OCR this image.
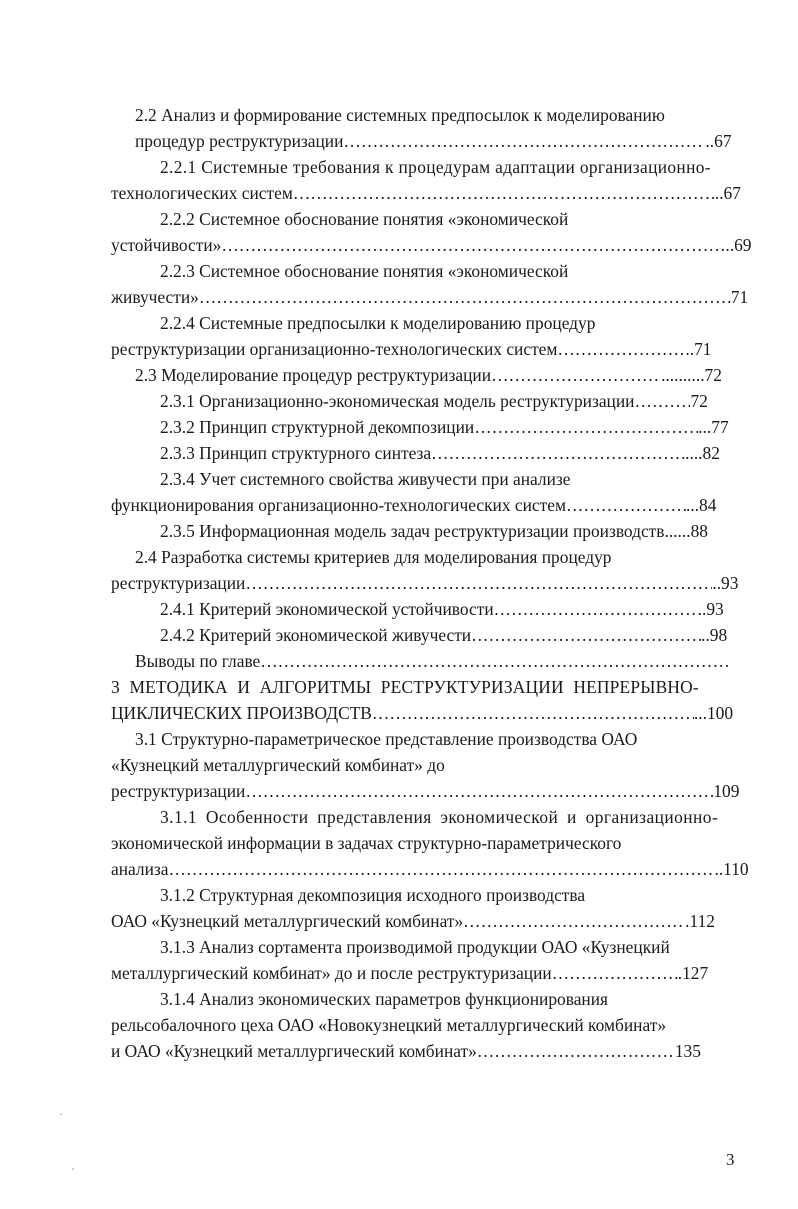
2.2 Анализ и формирование системных предпосылок к моделированию
процедур реструктуризации …………………………………………………………………………………………………………………………………………………………………………………………………………………………………………	..67
2.2.1 Системные требования к процедурам адаптации организационно-
технологических систем …………………………………………………………………………………………………………………………………………………………………………………………………………………………………………	..67
2.2.2 Системное обоснование понятия «экономической
устойчивости» …………………………………………………………………………………………………………………………………………………………………………………………………………………………………………	..69
2.2.3 Системное обоснование понятия «экономической
живучести» …………………………………………………………………………………………………………………………………………………………………………………………………………………………………………	71
2.2.4 Системные предпосылки к моделированию процедур
реструктуризации организационно-технологических систем …………………………………………………………………………………………………………………………………………………………………………………………………………………………………………	..71
2.3 Моделирование процедур реструктуризации …………………………………………………………………………………………………………………………………………………………………………………………………………………………………………	..........72
2.3.1 Организационно-экономическая модель реструктуризации …………………………………………………………………………………………………………………………………………………………………………………………………………………………………………	72
2.3.2 Принцип структурной декомпозиции …………………………………………………………………………………………………………………………………………………………………………………………………………………………………………	...77
2.3.3 Принцип структурного синтеза …………………………………………………………………………………………………………………………………………………………………………………………………………………………………………	....82
2.3.4 Учет системного свойства живучести при анализе
функционирования организационно-технологических систем …………………………………………………………………………………………………………………………………………………………………………………………………………………………………………	...84
2.3.5 Информационная модель задач реструктуризации производств......88
2.4 Разработка системы критериев для моделирования процедур
реструктуризации …………………………………………………………………………………………………………………………………………………………………………………………………………………………………………	..93
2.4.1 Критерий экономической устойчивости …………………………………………………………………………………………………………………………………………………………………………………………………………………………………………	..93
2.4.2 Критерий экономической живучести …………………………………………………………………………………………………………………………………………………………………………………………………………………………………………	..98
Выводы по главе…………………………………………………………………………………………………………………………………………………………………………………………………………………………………………
3 МЕТОДИКА И АЛГОРИТМЫ РЕСТРУКТУРИЗАЦИИ НЕПРЕРЫВНО-
ЦИКЛИЧЕСКИХ ПРОИЗВОДСТВ …………………………………………………………………………………………………………………………………………………………………………………………………………………………………………	...100
3.1 Структурно-параметрическое представление производства ОАО
«Кузнецкий металлургический комбинат» до
реструктуризации …………………………………………………………………………………………………………………………………………………………………………………………………………………………………………	109
3.1.1 Особенности представления экономической и организационно-
экономической информации в задачах структурно-параметрического
анализа …………………………………………………………………………………………………………………………………………………………………………………………………………………………………………	..110
3.1.2 Структурная декомпозиция исходного производства
ОАО «Кузнецкий металлургический комбинат» …………………………………………………………………………………………………………………………………………………………………………………………………………………………………………	.112
3.1.3 Анализ сортамента производимой продукции ОАО «Кузнецкий
металлургический комбинат» до и после реструктуризации …………………………………………………………………………………………………………………………………………………………………………………………………………………………………………	.127
3.1.4 Анализ экономических параметров функционирования
рельсобалочного цеха ОАО «Новокузнецкий металлургический комбинат»
и ОАО «Кузнецкий металлургический комбинат» …………………………………………………………………………………………………………………………………………………………………………………………………………………………………………	135
3
